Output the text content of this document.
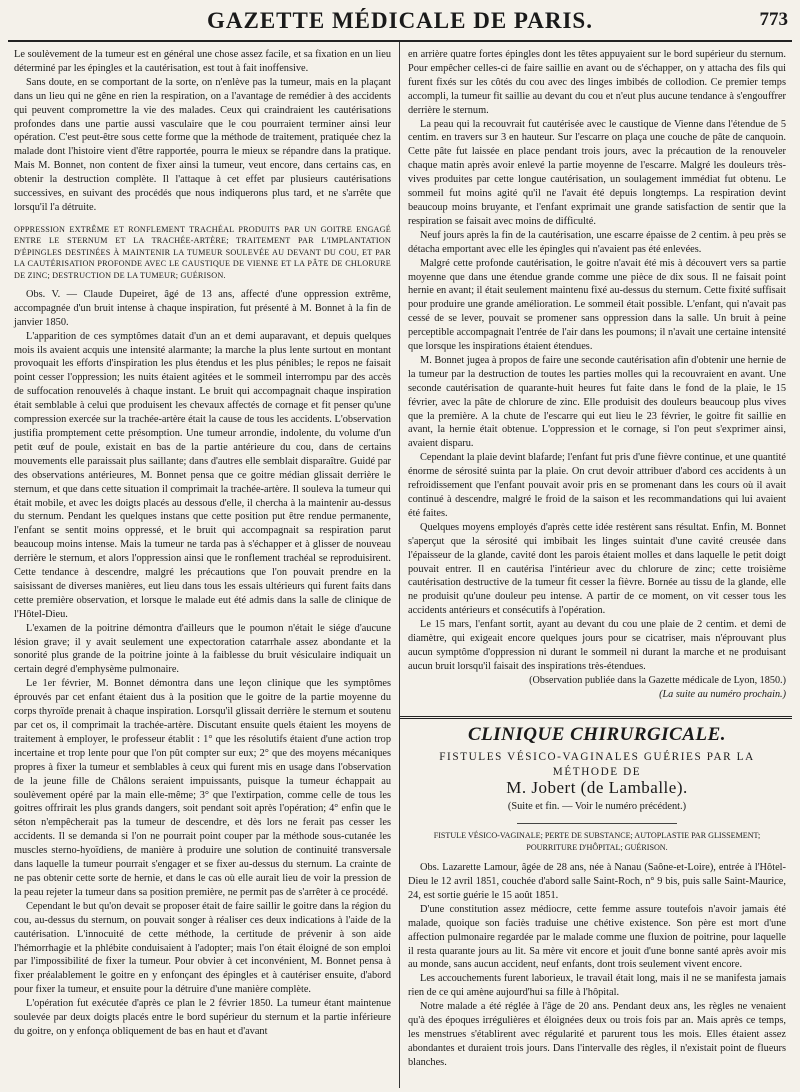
GAZETTE MÉDICALE DE PARIS.	773

Le soulèvement de la tumeur est en général une chose assez facile, et sa fixation en un lieu déterminé par les épingles et la cautérisation, est tout à fait inoffensive.

Sans doute, en se comportant de la sorte, on n'enlève pas la tumeur, mais en la plaçant dans un lieu qui ne gêne en rien la respiration, on a l'avantage de remédier à des accidents qui peuvent compromettre la vie des malades. Ceux qui craindraient les cautérisations profondes dans une partie aussi vasculaire que le cou pourraient terminer ainsi leur opération. C'est peut-être sous cette forme que la méthode de traitement, pratiquée chez la malade dont l'histoire vient d'être rapportée, pourra le mieux se répandre dans la pratique. Mais M. Bonnet, non content de fixer ainsi la tumeur, veut encore, dans certains cas, en obtenir la destruction complète. Il l'attaque à cet effet par plusieurs cautérisations successives, en suivant des procédés que nous indiquerons plus tard, et ne s'arrête que lorsqu'il l'a détruite.

OPPRESSION EXTRÊME ET RONFLEMENT TRACHÉAL PRODUITS PAR UN GOITRE ENGAGÉ ENTRE LE STERNUM ET LA TRACHÉE-ARTÈRE; TRAITEMENT PAR L'IMPLANTATION D'ÉPINGLES DESTINÉES À MAINTENIR LA TUMEUR SOULEVÉE AU DEVANT DU COU, ET PAR LA CAUTÉRISATION PROFONDE AVEC LE CAUSTIQUE DE VIENNE ET LA PÂTE DE CHLORURE DE ZINC; DESTRUCTION DE LA TUMEUR; GUÉRISON.

Obs. V. — Claude Dupeiret, âgé de 13 ans, affecté d'une oppression extrême, accompagnée d'un bruit intense à chaque inspiration, fut présenté à M. Bonnet à la fin de janvier 1850.

L'apparition de ces symptômes datait d'un an et demi auparavant, et depuis quelques mois ils avaient acquis une intensité alarmante; la marche la plus lente surtout en montant provoquait les efforts d'inspiration les plus étendus et les plus pénibles; le repos ne faisait point cesser l'oppression; les nuits étaient agitées et le sommeil interrompu par des accès de suffocation renouvelés à chaque instant. Le bruit qui accompagnait chaque inspiration était semblable à celui que produisent les chevaux affectés de cornage et fit penser qu'une compression exercée sur la trachée-artère était la cause de tous les accidents. L'observation justifia promptement cette présomption. Une tumeur arrondie, indolente, du volume d'un petit œuf de poule, existait en bas de la partie antérieure du cou, dans de certains mouvements elle paraissait plus saillante; dans d'autres elle semblait disparaître. Guidé par des observations antérieures, M. Bonnet pensa que ce goitre médian glissait derrière le sternum, et que dans cette situation il comprimait la trachée-artère. Il souleva la tumeur qui était mobile, et avec les doigts placés au dessous d'elle, il chercha à la maintenir au-dessus du sternum. Pendant les quelques instans que cette position put être rendue permanente, l'enfant se sentit moins oppressé, et le bruit qui accompagnait sa respiration parut beaucoup moins intense. Mais la tumeur ne tarda pas à s'échapper et à glisser de nouveau derrière le sternum, et alors l'oppression ainsi que le ronflement trachéal se reproduisirent. Cette tendance à descendre, malgré les précautions que l'on pouvait prendre en la saisissant de diverses manières, eut lieu dans tous les essais ultérieurs qui furent faits dans cette première observation, et lorsque le malade eut été admis dans la salle de clinique de l'Hôtel-Dieu.

L'examen de la poitrine démontra d'ailleurs que le poumon n'était le siége d'aucune lésion grave; il y avait seulement une expectoration catarrhale assez abondante et la sonorité plus grande de la poitrine jointe à la faiblesse du bruit vésiculaire indiquait un certain degré d'emphysème pulmonaire.

Le 1er février, M. Bonnet démontra dans une leçon clinique que les symptômes éprouvés par cet enfant étaient dus à la position que le goitre de la partie moyenne du corps thyroïde prenait à chaque inspiration. Lorsqu'il glissait derrière le sternum et soutenu par cet os, il comprimait la trachée-artère. Discutant ensuite quels étaient les moyens de traitement à employer, le professeur établit : 1° que les résolutifs étaient d'une action trop incertaine et trop lente pour que l'on pût compter sur eux; 2° que des moyens mécaniques propres à fixer la tumeur et semblables à ceux qui furent mis en usage dans l'observation de la jeune fille de Châlons seraient impuissants, puisque la tumeur échappait au soulèvement opéré par la main elle-même; 3° que l'extirpation, comme celle de tous les goitres offrirait les plus grands dangers, soit pendant soit après l'opération; 4° enfin que le séton n'empêcherait pas la tumeur de descendre, et dès lors ne ferait pas cesser les accidents. Il se demanda si l'on ne pourrait point couper par la méthode sous-cutanée les muscles sterno-hyoïdiens, de manière à produire une solution de continuité transversale dans laquelle la tumeur pourrait s'engager et se fixer au-dessus du sternum. La crainte de ne pas obtenir cette sorte de hernie, et dans le cas où elle aurait lieu de voir la pression de la peau rejeter la tumeur dans sa position première, ne permit pas de s'arrêter à ce procédé.

Cependant le but qu'on devait se proposer était de faire saillir le goitre dans la région du cou, au-dessus du sternum, on pouvait songer à réaliser ces deux indications à l'aide de la cautérisation. L'innocuité de cette méthode, la certitude de prévenir à son aide l'hémorrhagie et la phlébite conduisaient à l'adopter; mais l'on était éloigné de son emploi par l'impossibilité de fixer la tumeur. Pour obvier à cet inconvénient, M. Bonnet pensa à fixer préalablement le goitre en y enfonçant des épingles et à cautériser ensuite, d'abord pour fixer la tumeur, et ensuite pour la détruire d'une manière complète.

L'opération fut exécutée d'après ce plan le 2 février 1850. La tumeur étant maintenue soulevée par deux doigts placés entre le bord supérieur du sternum et la partie inférieure du goitre, on y enfonça obliquement de bas en haut et d'avant

en arrière quatre fortes épingles dont les têtes appuyaient sur le bord supérieur du sternum. Pour empêcher celles-ci de faire saillie en avant ou de s'échapper, on y attacha des fils qui furent fixés sur les côtés du cou avec des linges imbibés de collodion. Ce premier temps accompli, la tumeur fit saillie au devant du cou et n'eut plus aucune tendance à s'engouffrer derrière le sternum.

La peau qui la recouvrait fut cautérisée avec le caustique de Vienne dans l'étendue de 5 centim. en travers sur 3 en hauteur. Sur l'escarre on plaça une couche de pâte de canquoin. Cette pâte fut laissée en place pendant trois jours, avec la précaution de la renouveler chaque matin après avoir enlevé la partie moyenne de l'escarre. Malgré les douleurs très-vives produites par cette longue cautérisation, un soulagement immédiat fut obtenu. Le sommeil fut moins agité qu'il ne l'avait été depuis longtemps. La respiration devint beaucoup moins bruyante, et l'enfant exprimait une grande satisfaction de sentir que la respiration se faisait avec moins de difficulté.

Neuf jours après la fin de la cautérisation, une escarre épaisse de 2 centim. à peu près se détacha emportant avec elle les épingles qui n'avaient pas été enlevées.

Malgré cette profonde cautérisation, le goitre n'avait été mis à découvert vers sa partie moyenne que dans une étendue grande comme une pièce de dix sous. Il ne faisait point hernie en avant; il était seulement maintenu fixé au-dessus du sternum. Cette fixité suffisait pour produire une grande amélioration. Le sommeil était possible. L'enfant, qui n'avait pas cessé de se lever, pouvait se promener sans oppression dans la salle. Un bruit à peine perceptible accompagnait l'entrée de l'air dans les poumons; il n'avait une certaine intensité que lorsque les inspirations étaient étendues.

M. Bonnet jugea à propos de faire une seconde cautérisation afin d'obtenir une hernie de la tumeur par la destruction de toutes les parties molles qui la recouvraient en avant. Une seconde cautérisation de quarante-huit heures fut faite dans le fond de la plaie, le 15 février, avec la pâte de chlorure de zinc. Elle produisit des douleurs beaucoup plus vives que la première. A la chute de l'escarre qui eut lieu le 23 février, le goitre fit saillie en avant, la hernie était obtenue. L'oppression et le cornage, si l'on peut s'exprimer ainsi, avaient disparu.

Cependant la plaie devint blafarde; l'enfant fut pris d'une fièvre continue, et une quantité énorme de sérosité suinta par la plaie. On crut devoir attribuer d'abord ces accidents à un refroidissement que l'enfant pouvait avoir pris en se promenant dans les cours où il avait continué à descendre, malgré le froid de la saison et les recommandations qui lui avaient été faites.

Quelques moyens employés d'après cette idée restèrent sans résultat. Enfin, M. Bonnet s'aperçut que la sérosité qui imbibait les linges suintait d'une cavité creusée dans l'épaisseur de la glande, cavité dont les parois étaient molles et dans laquelle le petit doigt pouvait entrer. Il en cautérisa l'intérieur avec du chlorure de zinc; cette troisième cautérisation destructive de la tumeur fit cesser la fièvre. Bornée au tissu de la glande, elle ne produisit qu'une douleur peu intense. A partir de ce moment, on vit cesser tous les accidents antérieurs et consécutifs à l'opération.

Le 15 mars, l'enfant sortit, ayant au devant du cou une plaie de 2 centim. et demi de diamètre, qui exigeait encore quelques jours pour se cicatriser, mais n'éprouvant plus aucun symptôme d'oppression ni durant le sommeil ni durant la marche et ne produisant aucun bruit lorsqu'il faisait des inspirations très-étendues.

(Observation publiée dans la Gazette médicale de Lyon, 1850.)
(La suite au numéro prochain.)
CLINIQUE CHIRURGICALE.
FISTULES VÉSICO-VAGINALES GUÉRIES PAR LA MÉTHODE DE
M. Jobert (de Lamballe).
(Suite et fin. — Voir le numéro précédent.)
FISTULE VÉSICO-VAGINALE; PERTE DE SUBSTANCE; AUTOPLASTIE PAR GLISSEMENT; POURRITURE D'HÔPITAL; GUÉRISON.

Obs. Lazarette Lamour, âgée de 28 ans, née à Nanau (Saône-et-Loire), entrée à l'Hôtel-Dieu le 12 avril 1851, couchée d'abord salle Saint-Roch, n° 9 bis, puis salle Saint-Maurice, 24, est sortie guérie le 15 août 1851.

D'une constitution assez médiocre, cette femme assure toutefois n'avoir jamais été malade, quoique son faciès traduise une chétive existence. Son père est mort d'une affection pulmonaire regardée par le malade comme une fluxion de poitrine, pour laquelle il resta quarante jours au lit. Sa mère vit encore et jouit d'une bonne santé après avoir mis au monde, sans aucun accident, neuf enfants, dont trois seulement vivent encore.

Les accouchements furent laborieux, le travail était long, mais il ne se manifesta jamais rien de ce qui amène aujourd'hui sa fille à l'hôpital.

Notre malade a été réglée à l'âge de 20 ans. Pendant deux ans, les règles ne venaient qu'à des époques irrégulières et éloignées deux ou trois fois par an. Mais après ce temps, les menstrues s'établirent avec régularité et parurent tous les mois. Elles étaient assez abondantes et duraient trois jours. Dans l'intervalle des règles, il n'existait point de flueurs blanches.
